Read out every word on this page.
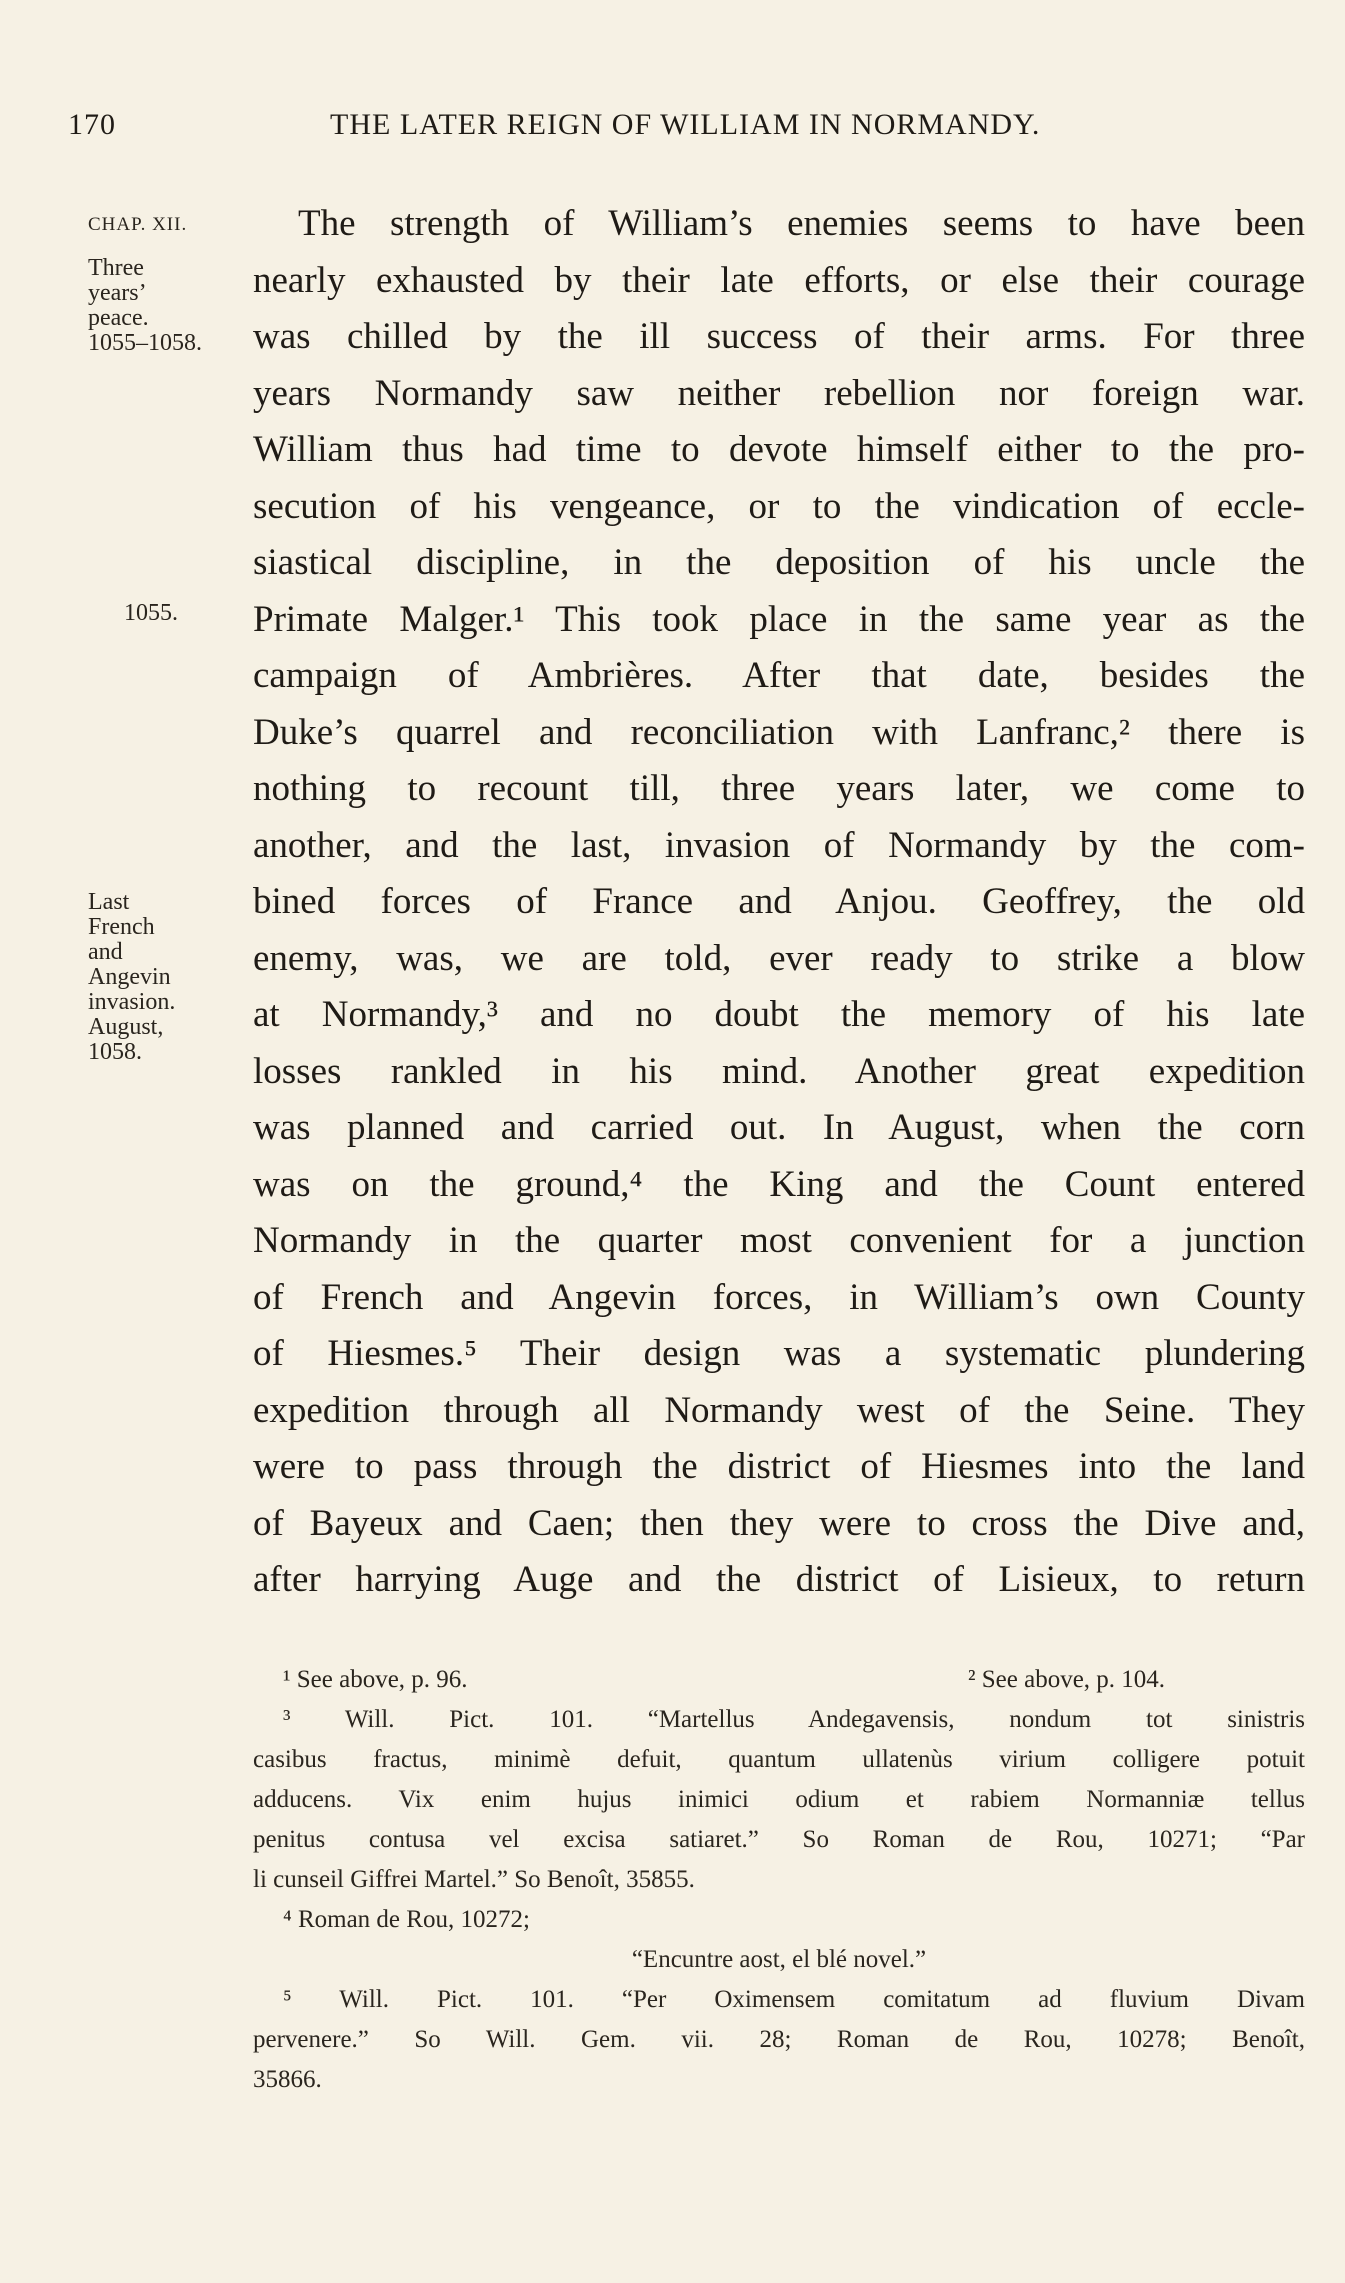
170	THE LATER REIGN OF WILLIAM IN NORMANDY.
CHAP. XII.
Three
years’
peace.
1055–1058.
1055.
Last
French
and
Angevin
invasion.
August,
1058.
The strength of William’s enemies seems to have been
nearly exhausted by their late efforts, or else their courage
was chilled by the ill success of their arms. For three
years Normandy saw neither rebellion nor foreign war.
William thus had time to devote himself either to the pro-
secution of his vengeance, or to the vindication of eccle-
siastical discipline, in the deposition of his uncle the
Primate Malger.¹ This took place in the same year as the
campaign of Ambrières. After that date, besides the
Duke’s quarrel and reconciliation with Lanfranc,² there is
nothing to recount till, three years later, we come to
another, and the last, invasion of Normandy by the com-
bined forces of France and Anjou. Geoffrey, the old
enemy, was, we are told, ever ready to strike a blow
at Normandy,³ and no doubt the memory of his late
losses rankled in his mind. Another great expedition
was planned and carried out. In August, when the corn
was on the ground,⁴ the King and the Count entered
Normandy in the quarter most convenient for a junction
of French and Angevin forces, in William’s own County
of Hiesmes.⁵ Their design was a systematic plundering
expedition through all Normandy west of the Seine. They
were to pass through the district of Hiesmes into the land
of Bayeux and Caen; then they were to cross the Dive and,
after harrying Auge and the district of Lisieux, to return
¹ See above, p. 96.	² See above, p. 104.
³ Will. Pict. 101. “Martellus Andegavensis, nondum tot sinistris
casibus fractus, minimè defuit, quantum ullatenùs virium colligere potuit
adducens. Vix enim hujus inimici odium et rabiem Normanniæ tellus
penitus contusa vel excisa satiaret.” So Roman de Rou, 10271; “Par
li cunseil Giffrei Martel.” So Benoît, 35855.
⁴ Roman de Rou, 10272;
“Encuntre aost, el blé novel.”
⁵ Will. Pict. 101. “Per Oximensem comitatum ad fluvium Divam
pervenere.” So Will. Gem. vii. 28; Roman de Rou, 10278; Benoît,
35866.
